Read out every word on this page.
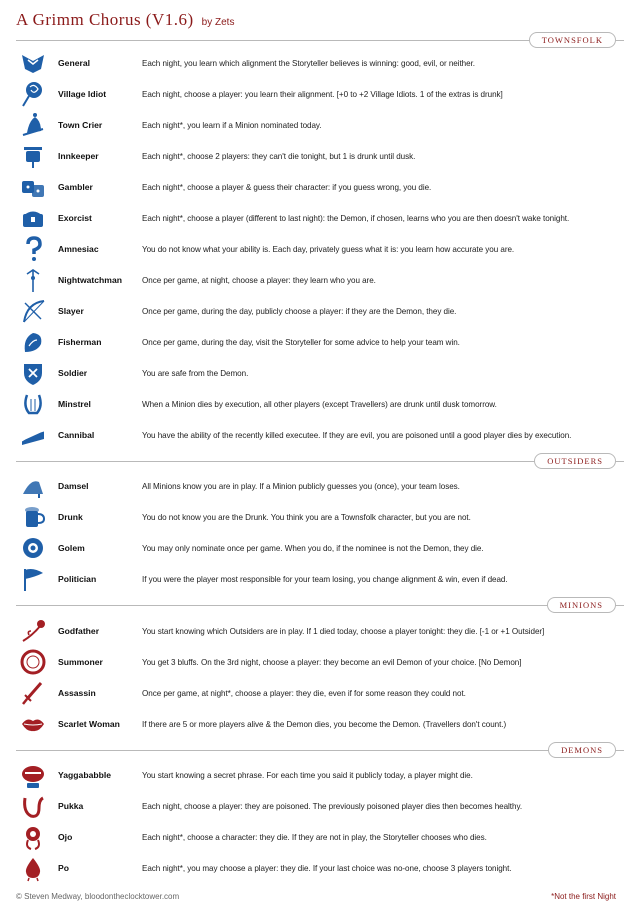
A Grimm Chorus (V1.6) by Zets
TOWNSFOLK
General	Each night, you learn which alignment the Storyteller believes is winning: good, evil, or neither.
Village Idiot	Each night, choose a player: you learn their alignment. [+0 to +2 Village Idiots. 1 of the extras is drunk]
Town Crier	Each night*, you learn if a Minion nominated today.
Innkeeper	Each night*, choose 2 players: they can't die tonight, but 1 is drunk until dusk.
Gambler	Each night*, choose a player & guess their character: if you guess wrong, you die.
Exorcist	Each night*, choose a player (different to last night): the Demon, if chosen, learns who you are then doesn't wake tonight.
Amnesiac	You do not know what your ability is. Each day, privately guess what it is: you learn how accurate you are.
Nightwatchman	Once per game, at night, choose a player: they learn who you are.
Slayer	Once per game, during the day, publicly choose a player: if they are the Demon, they die.
Fisherman	Once per game, during the day, visit the Storyteller for some advice to help your team win.
Soldier	You are safe from the Demon.
Minstrel	When a Minion dies by execution, all other players (except Travellers) are drunk until dusk tomorrow.
Cannibal	You have the ability of the recently killed executee. If they are evil, you are poisoned until a good player dies by execution.
OUTSIDERS
Damsel	All Minions know you are in play. If a Minion publicly guesses you (once), your team loses.
Drunk	You do not know you are the Drunk. You think you are a Townsfolk character, but you are not.
Golem	You may only nominate once per game. When you do, if the nominee is not the Demon, they die.
Politician	If you were the player most responsible for your team losing, you change alignment & win, even if dead.
MINIONS
Godfather	You start knowing which Outsiders are in play. If 1 died today, choose a player tonight: they die. [-1 or +1 Outsider]
Summoner	You get 3 bluffs. On the 3rd night, choose a player: they become an evil Demon of your choice. [No Demon]
Assassin	Once per game, at night*, choose a player: they die, even if for some reason they could not.
Scarlet Woman	If there are 5 or more players alive & the Demon dies, you become the Demon. (Travellers don't count.)
DEMONS
Yaggababble	You start knowing a secret phrase. For each time you said it publicly today, a player might die.
Pukka	Each night, choose a player: they are poisoned. The previously poisoned player dies then becomes healthy.
Ojo	Each night*, choose a character: they die. If they are not in play, the Storyteller chooses who dies.
Po	Each night*, you may choose a player: they die. If your last choice was no-one, choose 3 players tonight.
© Steven Medway, bloodontheclocktower.com	*Not the first Night
